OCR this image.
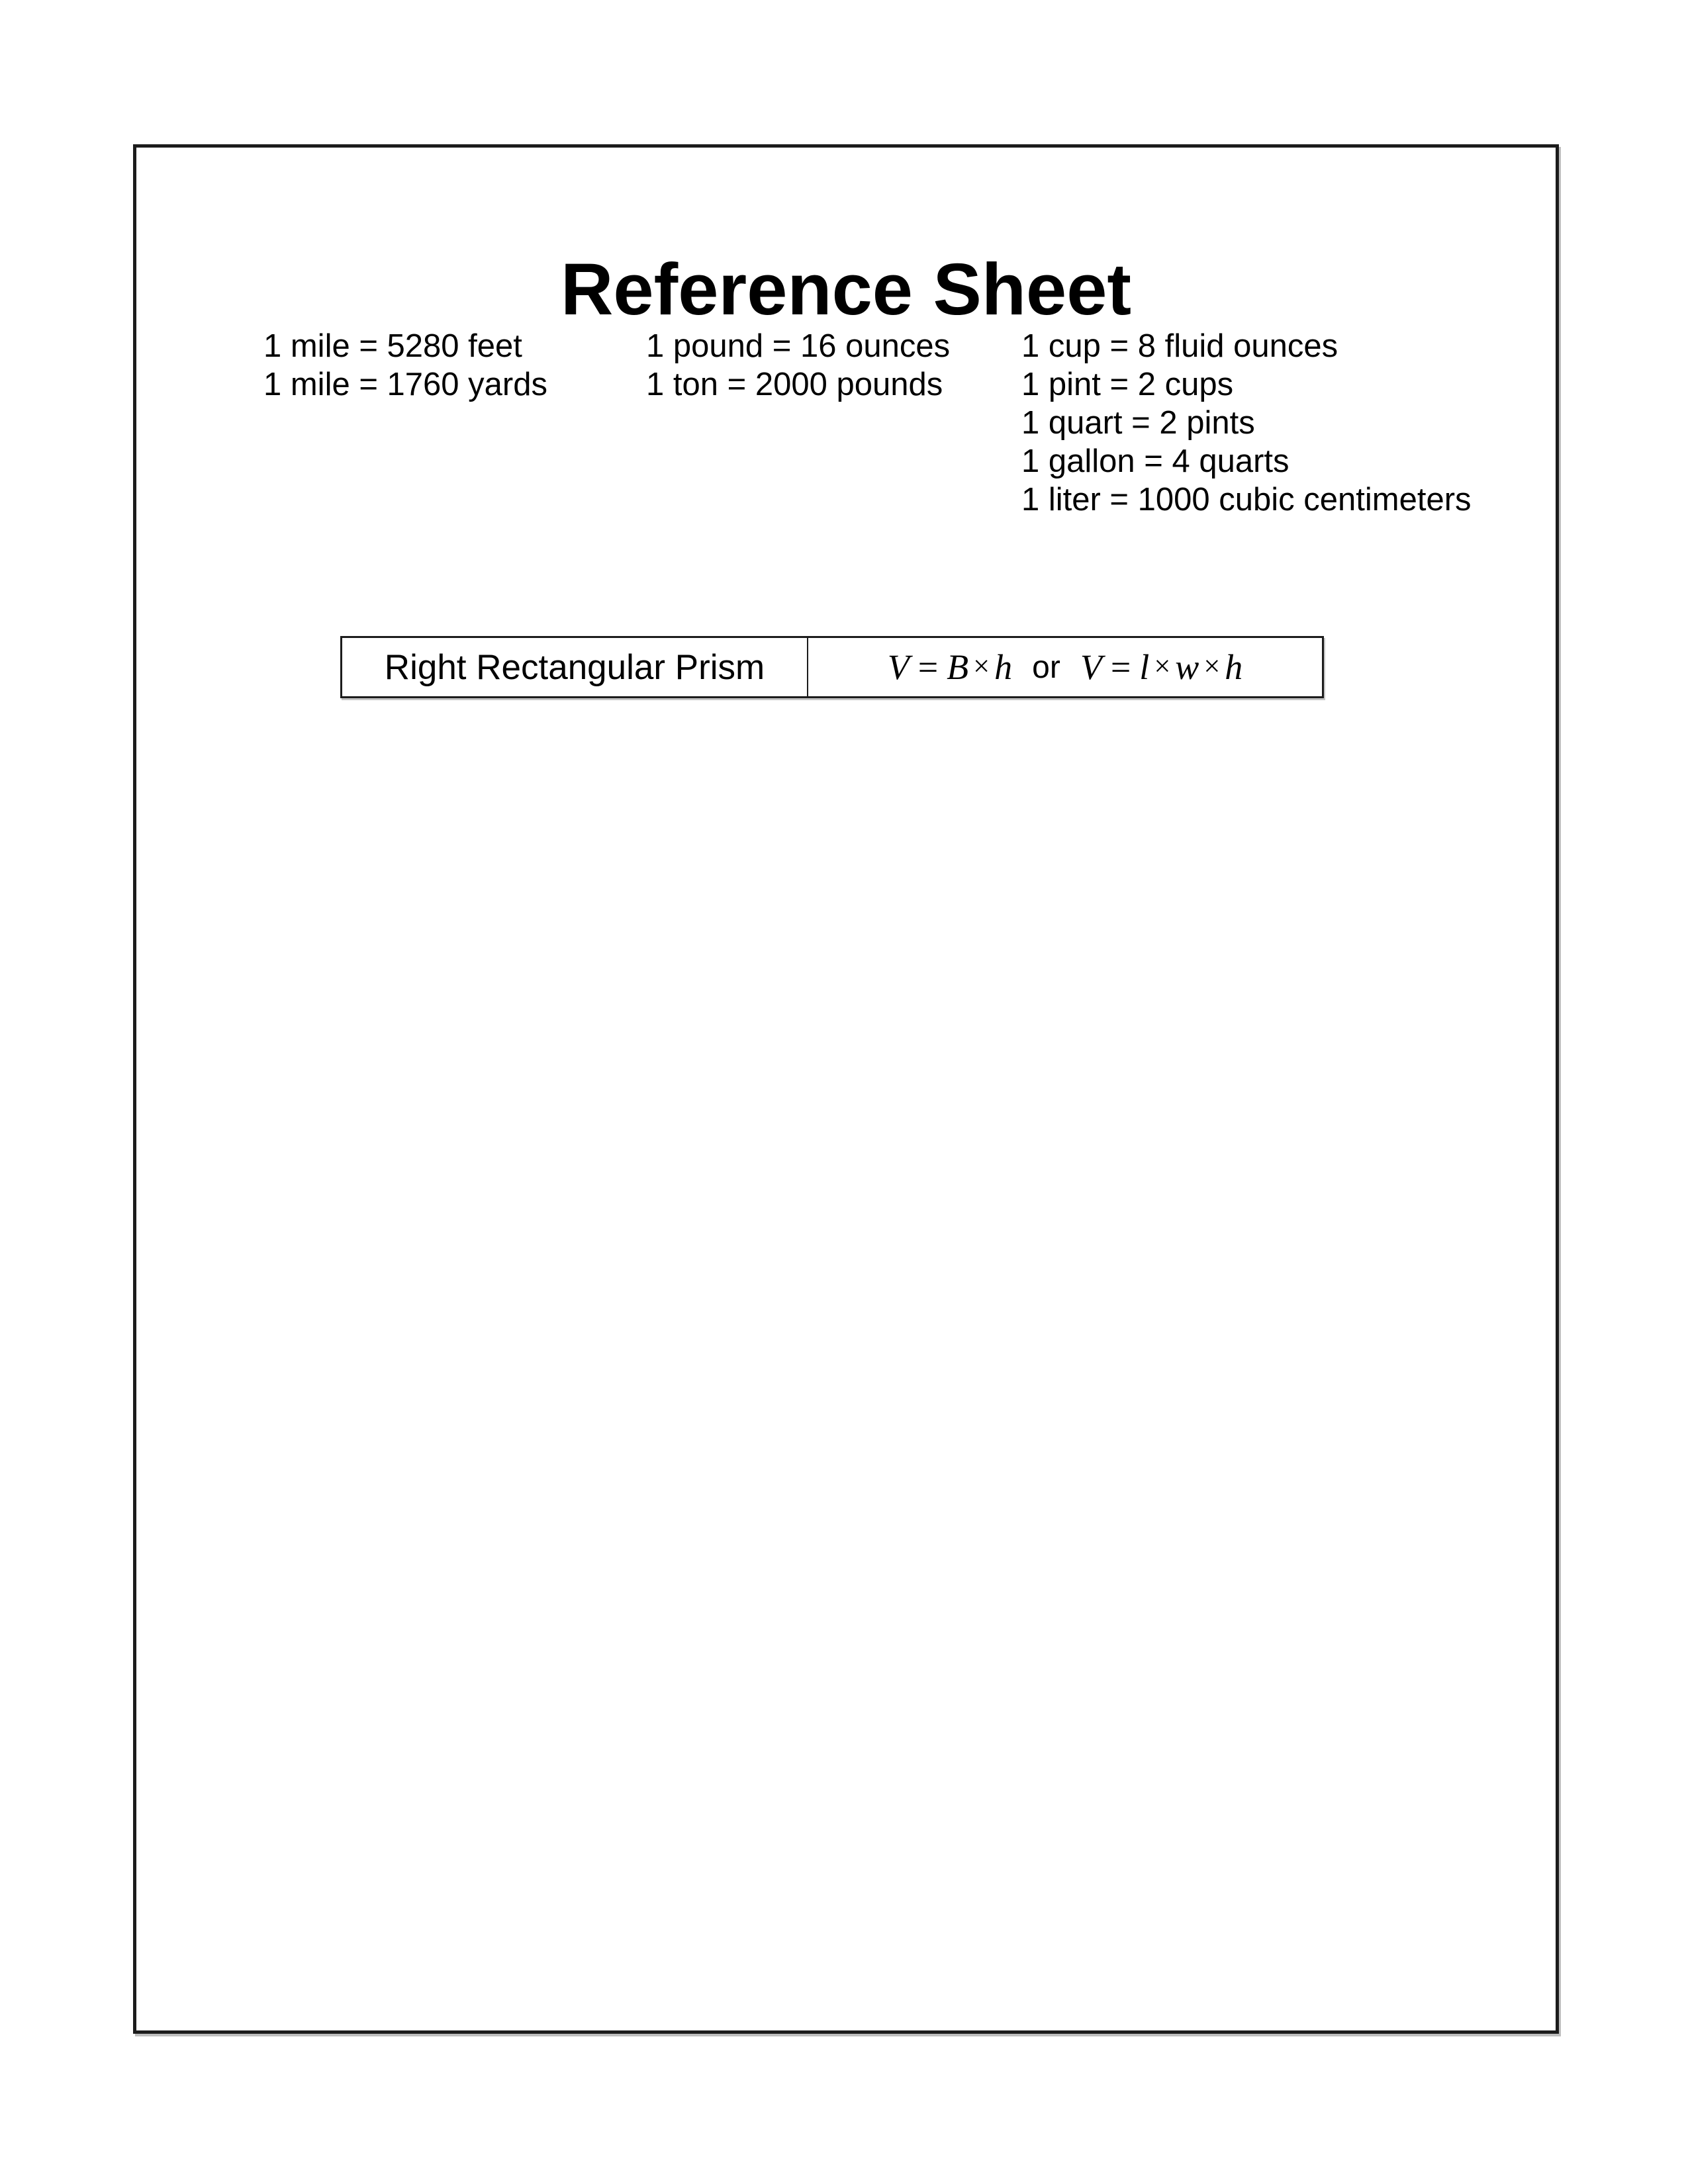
Reference Sheet
1 mile = 5280 feet
1 mile = 1760 yards
1 pound = 16 ounces
1 ton = 2000 pounds
1 cup = 8 fluid ounces
1 pint = 2 cups
1 quart = 2 pints
1 gallon = 4 quarts
1 liter = 1000 cubic centimeters
Right Rectangular Prism	V = B × h or V = l × w × h
